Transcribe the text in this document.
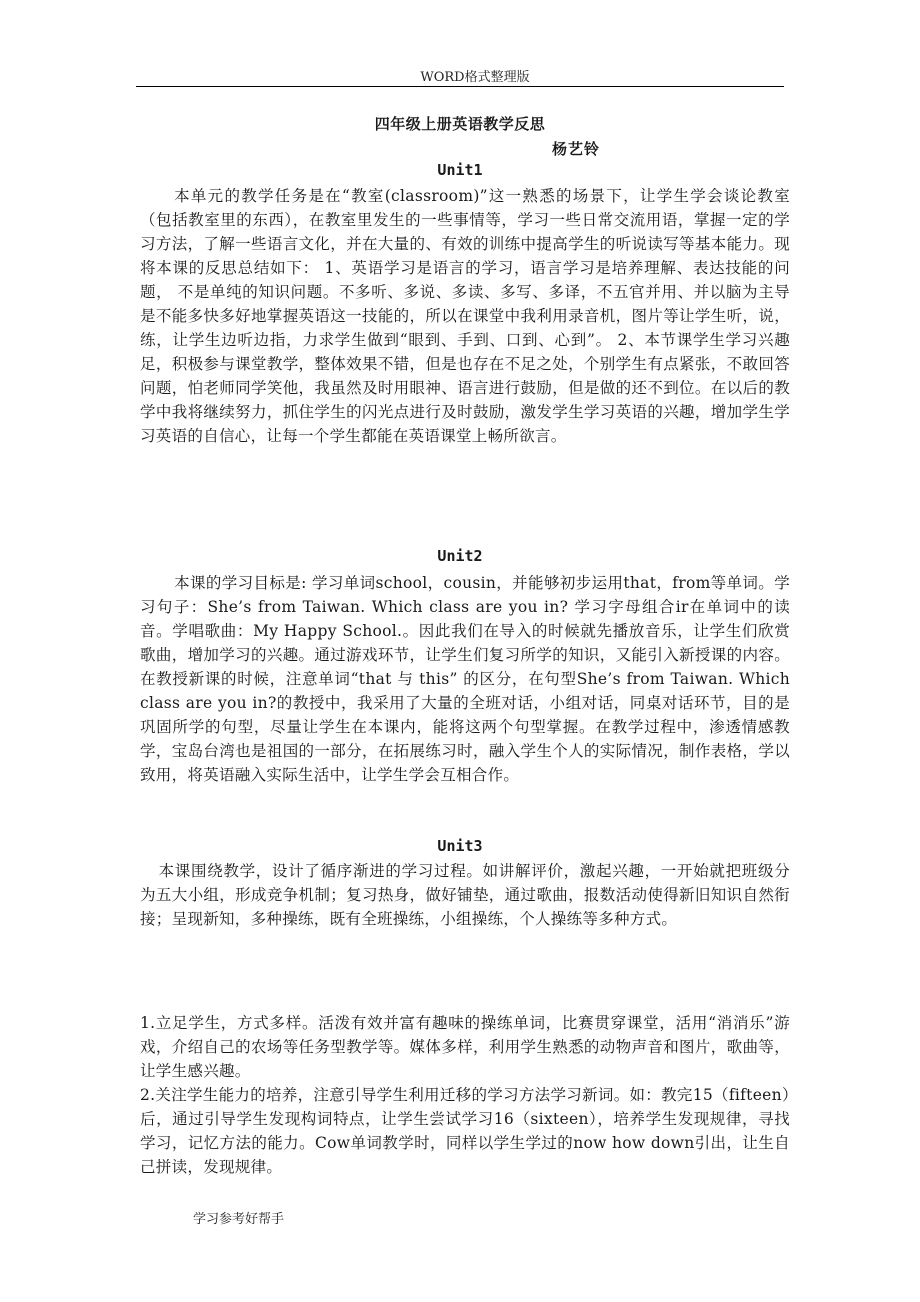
WORD格式整理版
四年级上册英语教学反思
杨艺铃
Unit1
本单元的教学任务是在“教室(classroom)”这一熟悉的场景下，让学生学会谈论教室（包括教室里的东西），在教室里发生的一些事情等，学习一些日常交流用语，掌握一定的学习方法，了解一些语言文化，并在大量的、有效的训练中提高学生的听说读写等基本能力。现将本课的反思总结如下： 1、英语学习是语言的学习，语言学习是培养理解、表达技能的问题， 不是单纯的知识问题。不多听、多说、多读、多写、多译，不五官并用、并以脑为主导是不能多快多好地掌握英语这一技能的，所以在课堂中我利用录音机，图片等让学生听，说，练，让学生边听边指，力求学生做到“眼到、手到、口到、心到”。 2、本节课学生学习兴趣足，积极参与课堂教学，整体效果不错，但是也存在不足之处，个别学生有点紧张，不敢回答问题，怕老师同学笑他，我虽然及时用眼神、语言进行鼓励，但是做的还不到位。在以后的教学中我将继续努力，抓住学生的闪光点进行及时鼓励，激发学生学习英语的兴趣，增加学生学习英语的自信心，让每一个学生都能在英语课堂上畅所欲言。
Unit2
本课的学习目标是: 学习单词school，cousin，并能够初步运用that，from等单词。学习句子：She’s from Taiwan. Which class are you in? 学习字母组合ir在单词中的读音。学唱歌曲：My Happy School.。因此我们在导入的时候就先播放音乐，让学生们欣赏歌曲，增加学习的兴趣。通过游戏环节，让学生们复习所学的知识，又能引入新授课的内容。在教授新课的时候，注意单词“that 与 this” 的区分，在句型She’s from Taiwan. Which class are you in?的教授中，我采用了大量的全班对话，小组对话，同桌对话环节，目的是巩固所学的句型，尽量让学生在本课内，能将这两个句型掌握。在教学过程中，渗透情感教学，宝岛台湾也是祖国的一部分，在拓展练习时，融入学生个人的实际情况，制作表格，学以致用，将英语融入实际生活中，让学生学会互相合作。
Unit3
本课围绕教学，设计了循序渐进的学习过程。如讲解评价，激起兴趣，一开始就把班级分为五大小组，形成竞争机制；复习热身，做好铺垫，通过歌曲，报数活动使得新旧知识自然衔接；呈现新知，多种操练，既有全班操练，小组操练，个人操练等多种方式。
1.立足学生，方式多样。活泼有效并富有趣味的操练单词，比赛贯穿课堂，活用“消消乐”游戏，介绍自己的农场等任务型教学等。媒体多样，利用学生熟悉的动物声音和图片，歌曲等，让学生感兴趣。
2.关注学生能力的培养，注意引导学生利用迁移的学习方法学习新词。如：教完15（fifteen）后，通过引导学生发现构词特点，让学生尝试学习16（sixteen），培养学生发现规律，寻找学习，记忆方法的能力。Cow单词教学时，同样以学生学过的now how down引出，让生自己拼读，发现规律。
学习参考好帮手
